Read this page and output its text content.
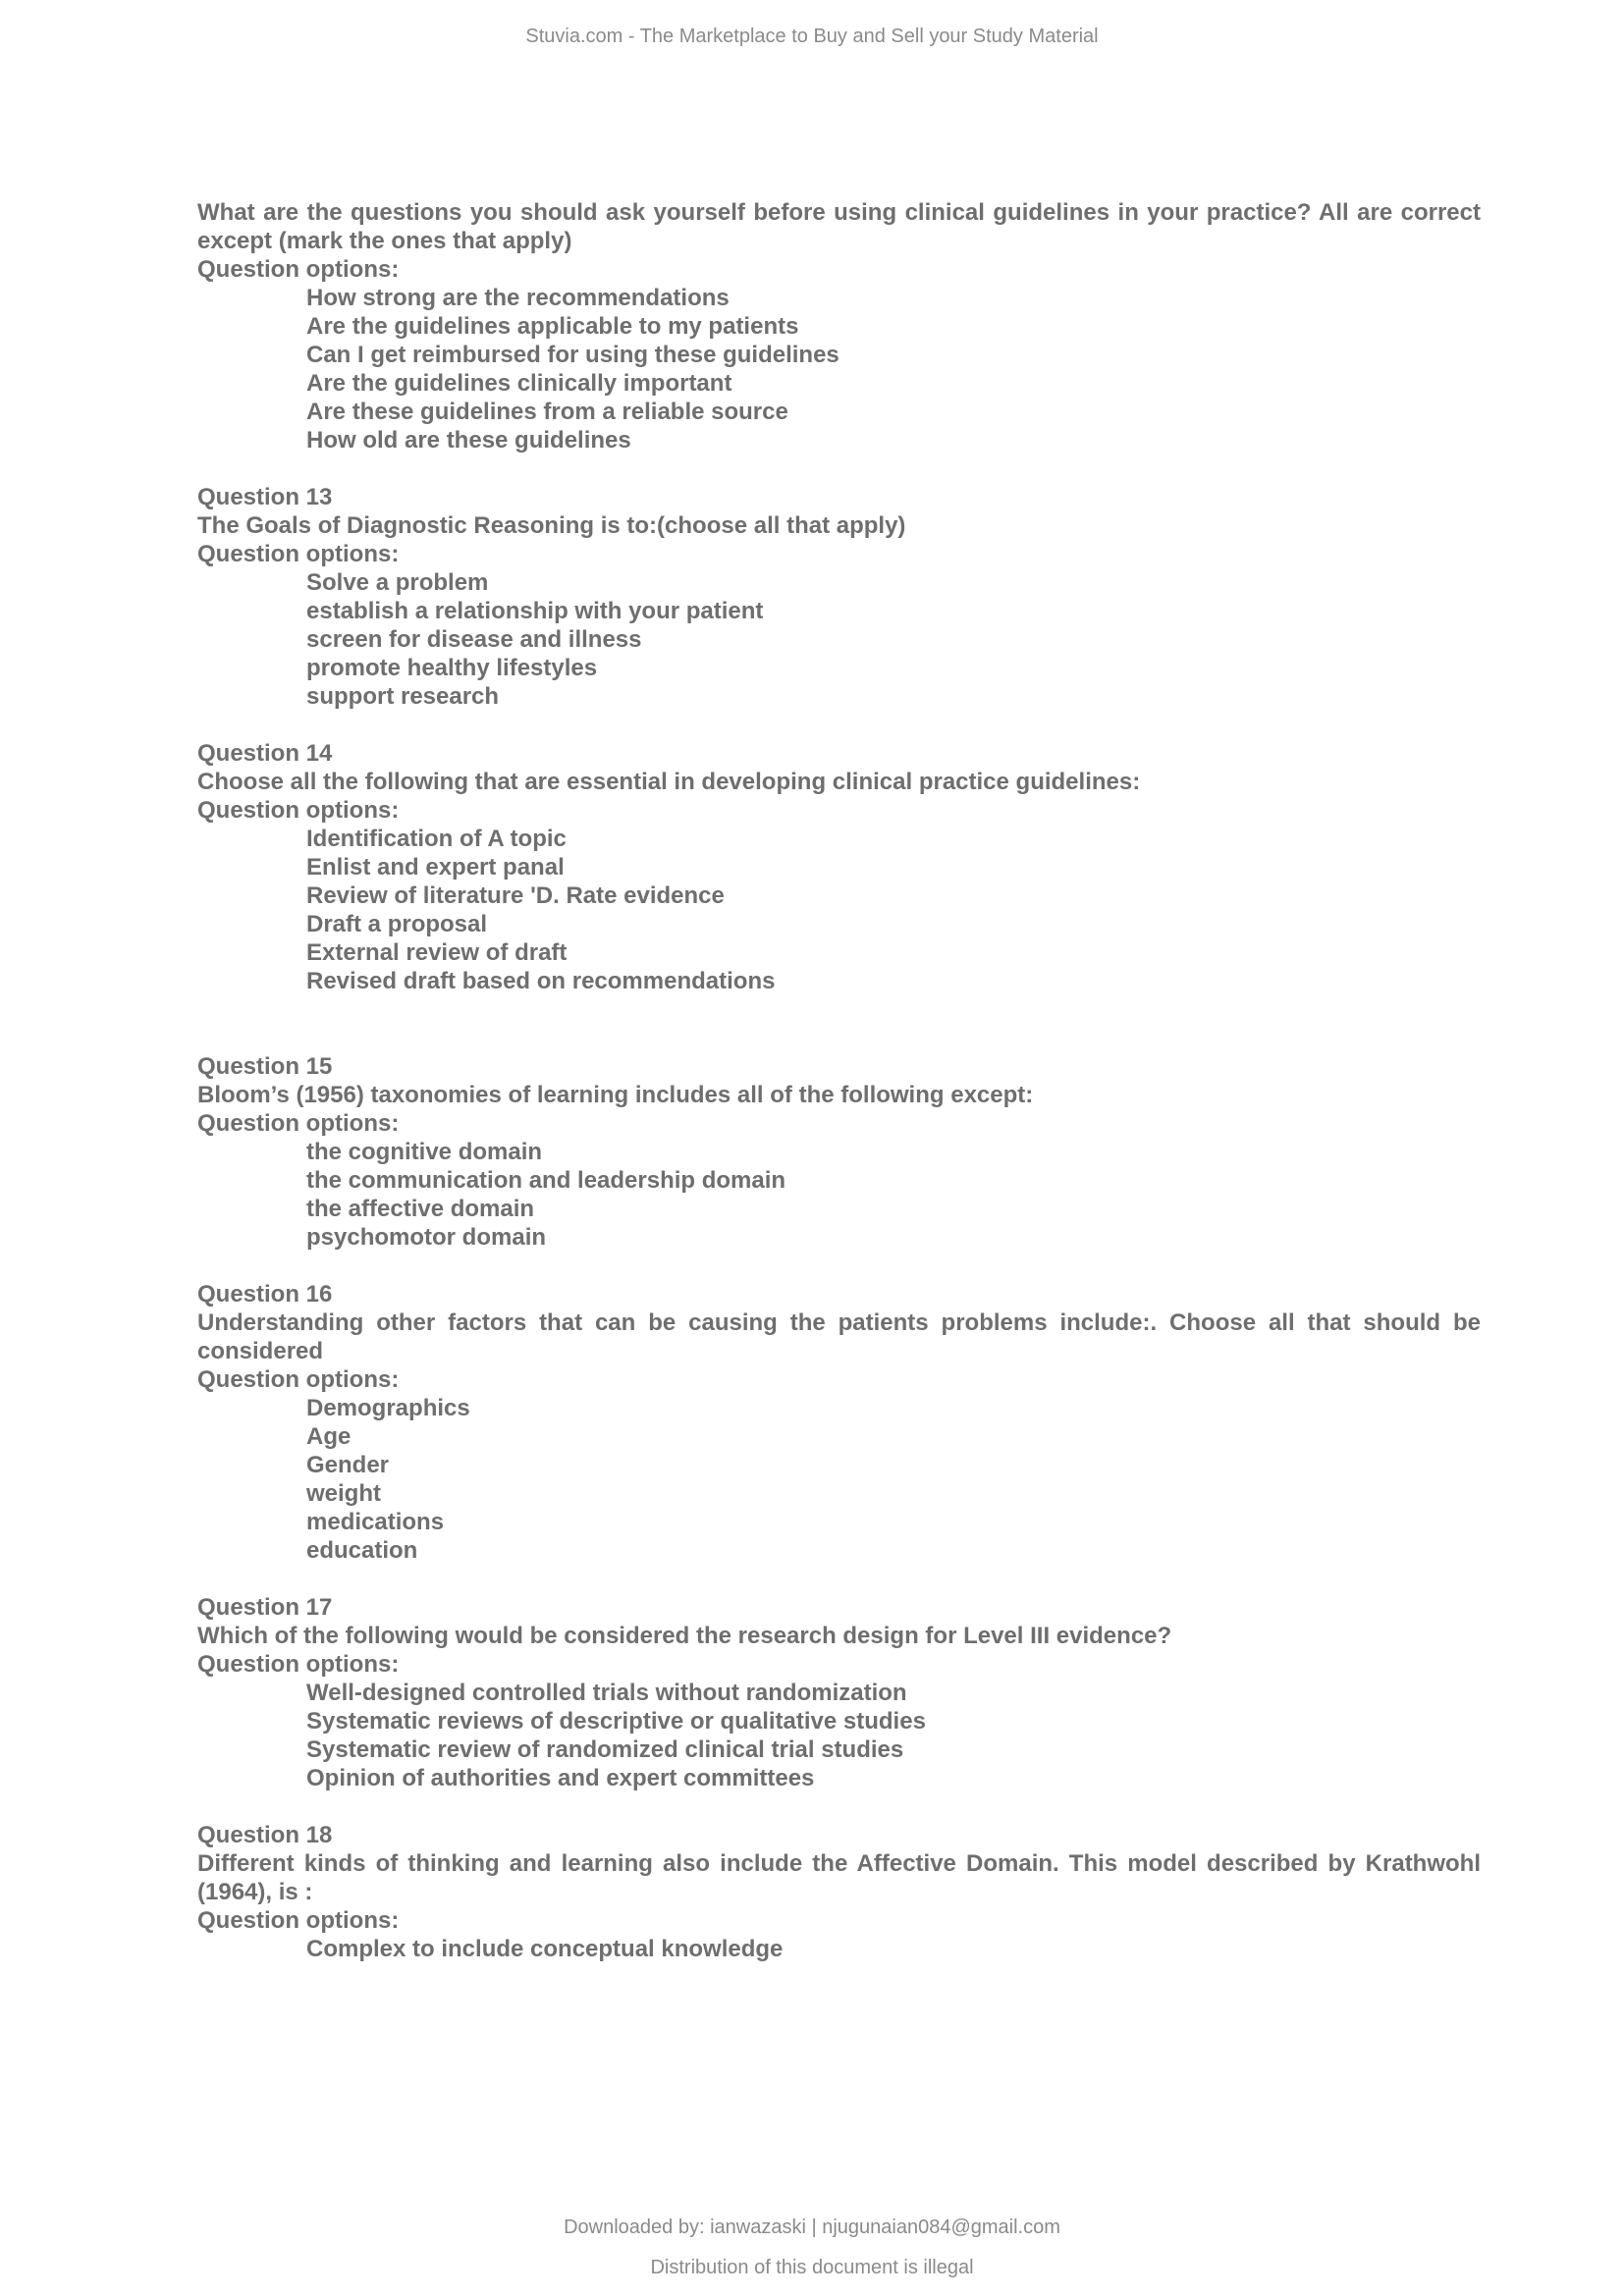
Stuvia.com - The Marketplace to Buy and Sell your Study Material

What are the questions you should ask yourself before using clinical guidelines in your practice? All are correct except (mark the ones that apply)

Question options:

How strong are the recommendations
Are the guidelines applicable to my patients
Can I get reimbursed for using these guidelines
Are the guidelines clinically important
Are these guidelines from a reliable source
How old are these guidelines

Question 13

The Goals of Diagnostic Reasoning is to:(choose all that apply)

Question options:

Solve a problem
establish a relationship with your patient
screen for disease and illness
promote healthy lifestyles
support research

Question 14

Choose all the following that are essential in developing clinical practice guidelines:

Question options:

Identification of A topic
Enlist and expert panal
Review of literature 'D. Rate evidence
Draft a proposal
External review of draft
Revised draft based on recommendations

Question 15

Bloom’s (1956) taxonomies of learning includes all of the following except:

Question options:

the cognitive domain
the communication and leadership domain
the affective domain
psychomotor domain

Question 16

Understanding other factors that can be causing the patients problems include:. Choose all that should be considered

Question options:

Demographics
Age
Gender
weight
medications
education

Question 17

Which of the following would be considered the research design for Level III evidence?

Question options:

Well-designed controlled trials without randomization
Systematic reviews of descriptive or qualitative studies
Systematic review of randomized clinical trial studies
Opinion of authorities and expert committees

Question 18

Different kinds of thinking and learning also include the Affective Domain. This model described by Krathwohl (1964), is :

Question options:

Complex to include conceptual knowledge
Downloaded by: ianwazaski | njugunaian084@gmail.com
Distribution of this document is illegal
